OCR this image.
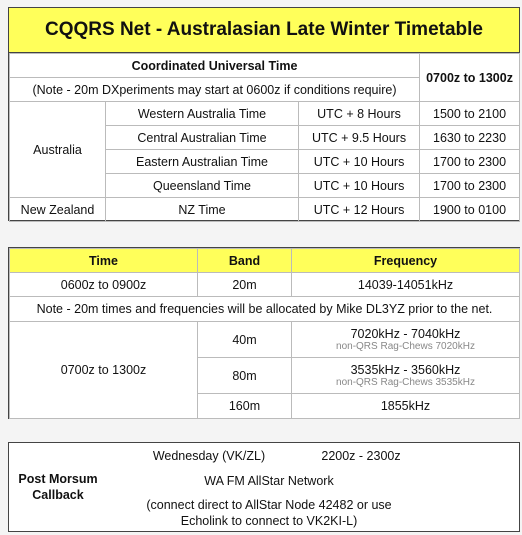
CQQRS Net - Australasian Late Winter Timetable
Coordinated Universal Time			0700z to 1300z
(Note - 20m DXperiments may start at 0600z if conditions require)			
Australia	Western Australia Time	UTC + 8 Hours	1500 to 2100
	Central Australian Time	UTC + 9.5 Hours	1630 to 2230
	Eastern Australian Time	UTC + 10 Hours	1700 to 2300
	Queensland Time	UTC + 10 Hours	1700 to 2300
New Zealand	NZ Time	UTC + 12 Hours	1900 to 0100
Time	Band	Frequency
0600z to 0900z	20m	14039-14051kHz
Note - 20m times and frequencies will be allocated by Mike DL3YZ prior to the net.		
0700z to 1300z	40m	7020kHz - 7040kHz
non-QRS Rag-Chews 7020kHz

	80m	3535kHz - 3560kHz
non-QRS Rag-Chews 3535kHz

	160m	1855kHz
Post Morsum
Callback
Wednesday (VK/ZL)	2200z - 2300z
WA FM AllStar Network
(connect direct to AllStar Node 42482 or use
Echolink to connect to VK2KI-L)
